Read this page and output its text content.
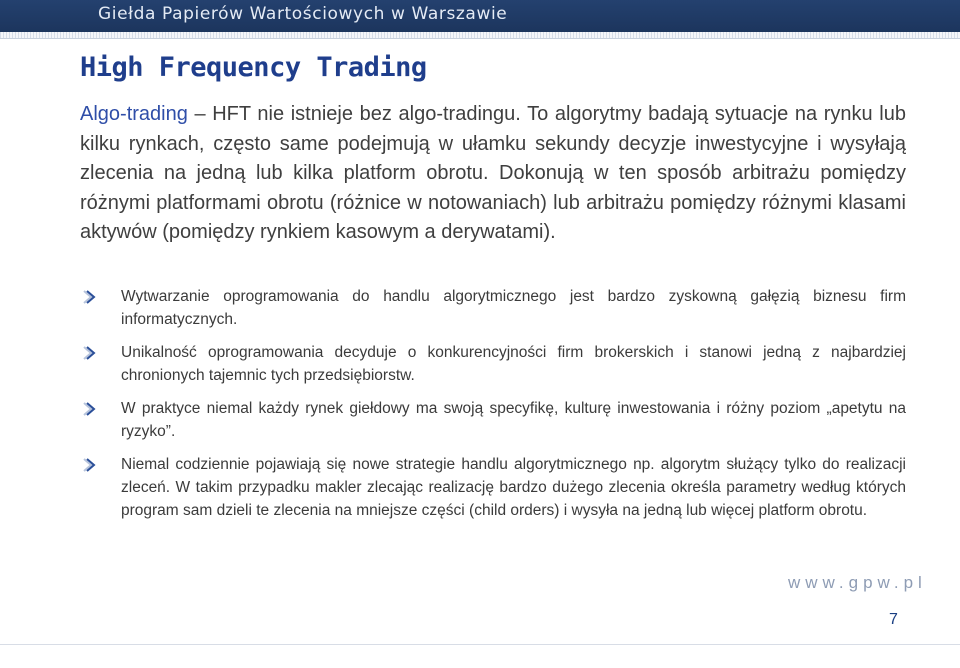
Giełda Papierów Wartościowych w Warszawie
High Frequency Trading

Algo-trading – HFT nie istnieje bez algo-tradingu. To algorytmy badają sytuacje na rynku lub kilku rynkach, często same podejmują w ułamku sekundy decyzje inwestycyjne i wysyłają zlecenia na jedną lub kilka platform obrotu. Dokonują w ten sposób arbitrażu pomiędzy różnymi platformami obrotu (różnice w notowaniach) lub arbitrażu pomiędzy różnymi klasami aktywów (pomiędzy rynkiem kasowym a derywatami).

Wytwarzanie oprogramowania do handlu algorytmicznego jest bardzo zyskowną gałęzią biznesu firm informatycznych.
Unikalność oprogramowania decyduje o konkurencyjności firm brokerskich i stanowi jedną z najbardziej chronionych tajemnic tych przedsiębiorstw.
W praktyce niemal każdy rynek giełdowy ma swoją specyfikę, kulturę inwestowania i różny poziom „apetytu na ryzyko”.
Niemal codziennie pojawiają się nowe strategie handlu algorytmicznego np. algorytm służący tylko do realizacji zleceń. W takim przypadku makler zlecając realizację bardzo dużego zlecenia określa parametry według których program sam dzieli te zlecenia na mniejsze części (child orders) i wysyła na jedną lub więcej platform obrotu.
www.gpw.pl
7
